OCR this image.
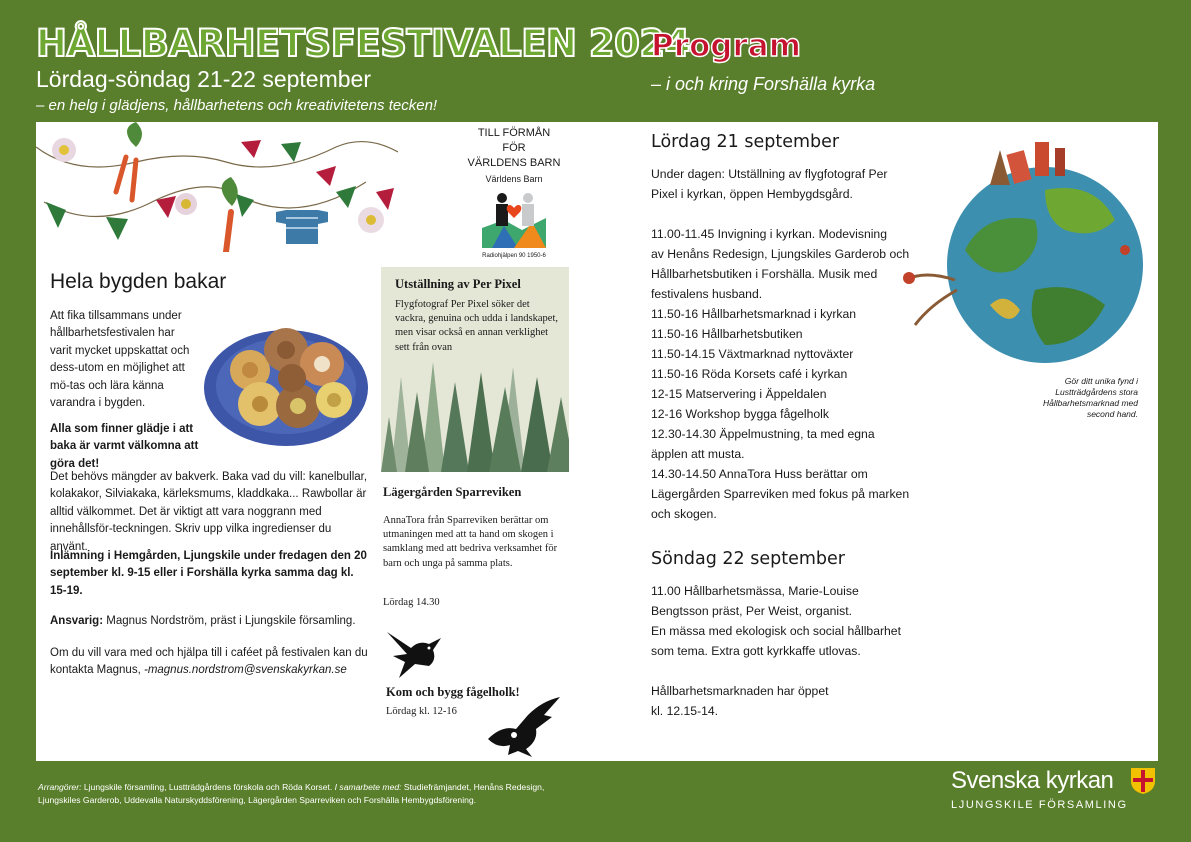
HÅLLBARHETSFESTIVALEN 2024
Lördag-söndag 21-22 september
– en helg i glädjens, hållbarhetens och kreativitetens tecken!
Program
– i och kring Forshälla kyrka
TILL FÖRMÅN
FÖR
VÄRLDENS BARN
Världens Barn
Radiohjälpen 90 1950-6
Hela bygden bakar
Att fika tillsammans under hållbarhetsfestivalen har varit mycket uppskattat och dess-utom en möjlighet att mö-tas och lära känna varandra i bygden.
Alla som finner glädje i att baka är varmt välkomna att göra det!
Det behövs mängder av bakverk. Baka vad du vill: kanelbullar, kolakakor, Silviakaka, kärleksmums, kladdkaka... Rawbollar är alltid välkommet. Det är viktigt att vara noggrann med innehållsför-teckningen. Skriv upp vilka ingredienser du använt.
Inlämning i Hemgården, Ljungskile under fredagen den 20 september kl. 9-15 eller i Forshälla kyrka samma dag kl. 15-19.
Ansvarig: Magnus Nordström, präst i Ljungskile församling.
Om du vill vara med och hjälpa till i caféet på festivalen kan du kontakta Magnus, -magnus.nordstrom@svenskakyrkan.se
Utställning av Per Pixel
Flygfotograf Per Pixel söker det vackra, genuina och udda i landskapet, men visar också en annan verklighet sett från ovan
Lägergården Sparreviken
AnnaTora från Sparreviken berättar om utmaningen med att ta hand om skogen i samklang med att bedriva verksamhet för barn och unga på samma plats.
Lördag 14.30
Kom och bygg fågelholk!
Lördag kl. 12-16
Lördag 21 september
Under dagen: Utställning av flygfotograf Per
Pixel i kyrkan, öppen Hembygdsgård.
11.00-11.45 Invigning i kyrkan. Modevisning
av Henåns Redesign, Ljungskiles Garderob och
Hållbarhetsbutiken i Forshälla. Musik med
festivalens husband.
11.50-16 Hållbarhetsmarknad i kyrkan
11.50-16 Hållbarhetsbutiken
11.50-14.15 Växtmarknad nyttoväxter
11.50-16 Röda Korsets café i kyrkan
12-15 Matservering i Äppeldalen
12-16 Workshop bygga fågelholk
12.30-14.30 Äppelmustning, ta med egna
äpplen att musta.
14.30-14.50 AnnaTora Huss berättar om
Lägergården Sparreviken med fokus på marken
och skogen.
Gör ditt unika fynd i Lustträdgårdens stora Hållbarhetsmarknad med second hand.
Söndag 22 september
11.00 Hållbarhetsmässa, Marie-Louise
Bengtsson präst, Per Weist, organist.
En mässa med ekologisk och social hållbarhet
som tema. Extra gott kyrkkaffe utlovas.
Hållbarhetsmarknaden har öppet
kl. 12.15-14.
Arrangörer: Ljungskile församling, Lustträdgårdens förskola och Röda Korset. I samarbete med: Studiefrämjandet, Henåns Redesign, Ljungskiles Garderob, Uddevalla Naturskyddsförening, Lägergården Sparreviken och Forshälla Hembygdsförening.
Svenska kyrkan
LJUNGSKILE FÖRSAMLING
